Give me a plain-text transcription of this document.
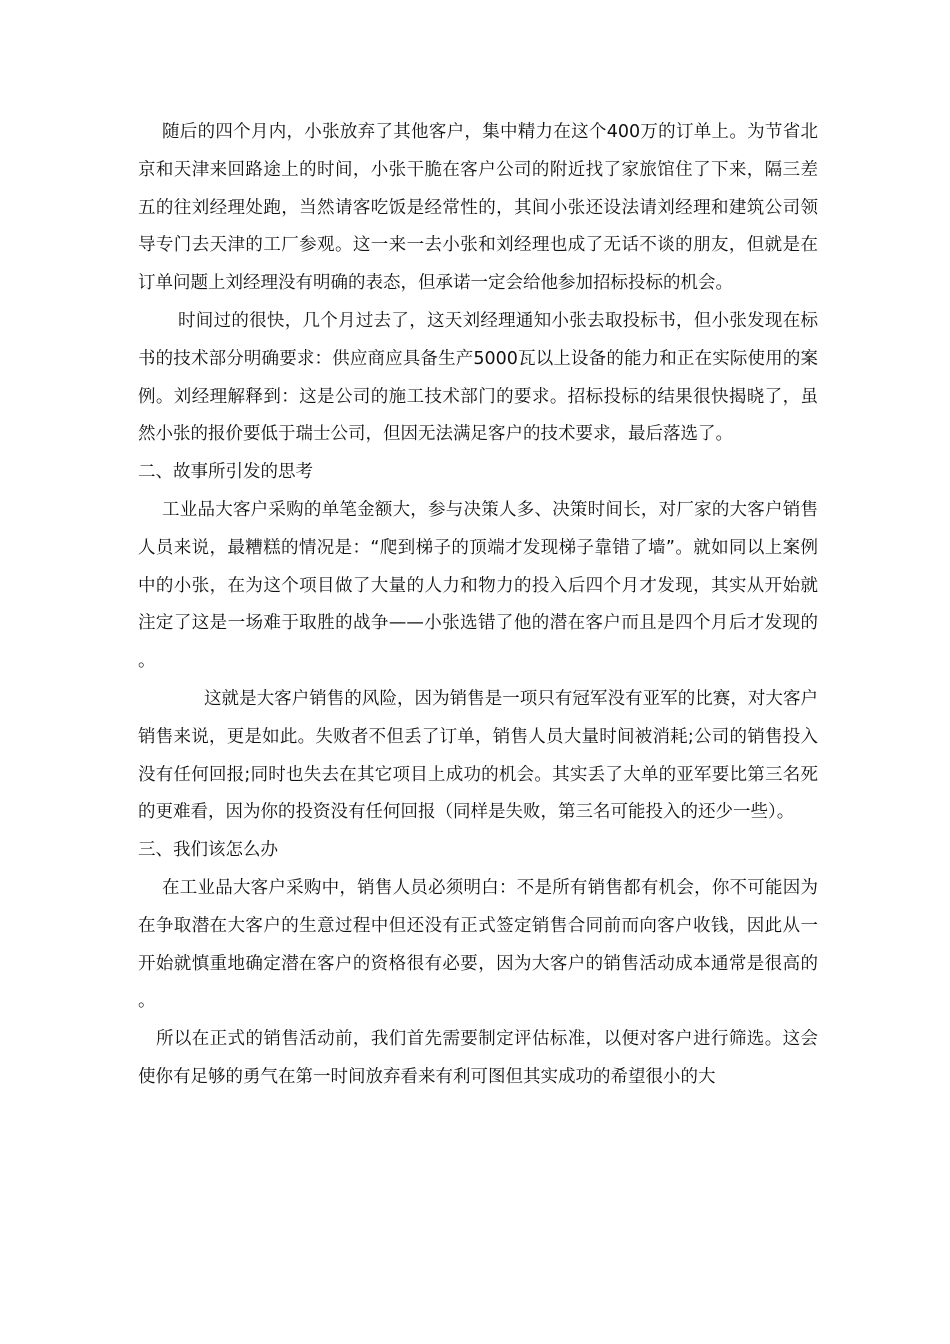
随后的四个月内，小张放弃了其他客户，集中精力在这个400万的订单上。为节省北京和天津来回路途上的时间，小张干脆在客户公司的附近找了家旅馆住了下来，隔三差五的往刘经理处跑，当然请客吃饭是经常性的，其间小张还设法请刘经理和建筑公司领导专门去天津的工厂参观。这一来一去小张和刘经理也成了无话不谈的朋友，但就是在订单问题上刘经理没有明确的表态，但承诺一定会给他参加招标投标的机会。

时间过的很快，几个月过去了，这天刘经理通知小张去取投标书，但小张发现在标书的技术部分明确要求：供应商应具备生产5000瓦以上设备的能力和正在实际使用的案例。刘经理解释到：这是公司的施工技术部门的要求。招标投标的结果很快揭晓了，虽然小张的报价要低于瑞士公司，但因无法满足客户的技术要求，最后落选了。

二、故事所引发的思考

工业品大客户采购的单笔金额大，参与决策人多、决策时间长，对厂家的大客户销售人员来说，最糟糕的情况是：“爬到梯子的顶端才发现梯子靠错了墙”。就如同以上案例中的小张，在为这个项目做了大量的人力和物力的投入后四个月才发现，其实从开始就注定了这是一场难于取胜的战争——小张选错了他的潜在客户而且是四个月后才发现的。

这就是大客户销售的风险，因为销售是一项只有冠军没有亚军的比赛，对大客户销售来说，更是如此。失败者不但丢了订单，销售人员大量时间被消耗;公司的销售投入没有任何回报;同时也失去在其它项目上成功的机会。其实丢了大单的亚军要比第三名死的更难看，因为你的投资没有任何回报（同样是失败，第三名可能投入的还少一些）。

三、我们该怎么办

在工业品大客户采购中，销售人员必须明白：不是所有销售都有机会，你不可能因为在争取潜在大客户的生意过程中但还没有正式签定销售合同前而向客户收钱，因此从一开始就慎重地确定潜在客户的资格很有必要，因为大客户的销售活动成本通常是很高的。

所以在正式的销售活动前，我们首先需要制定评估标准，以便对客户进行筛选。这会使你有足够的勇气在第一时间放弃看来有利可图但其实成功的希望很小的大
